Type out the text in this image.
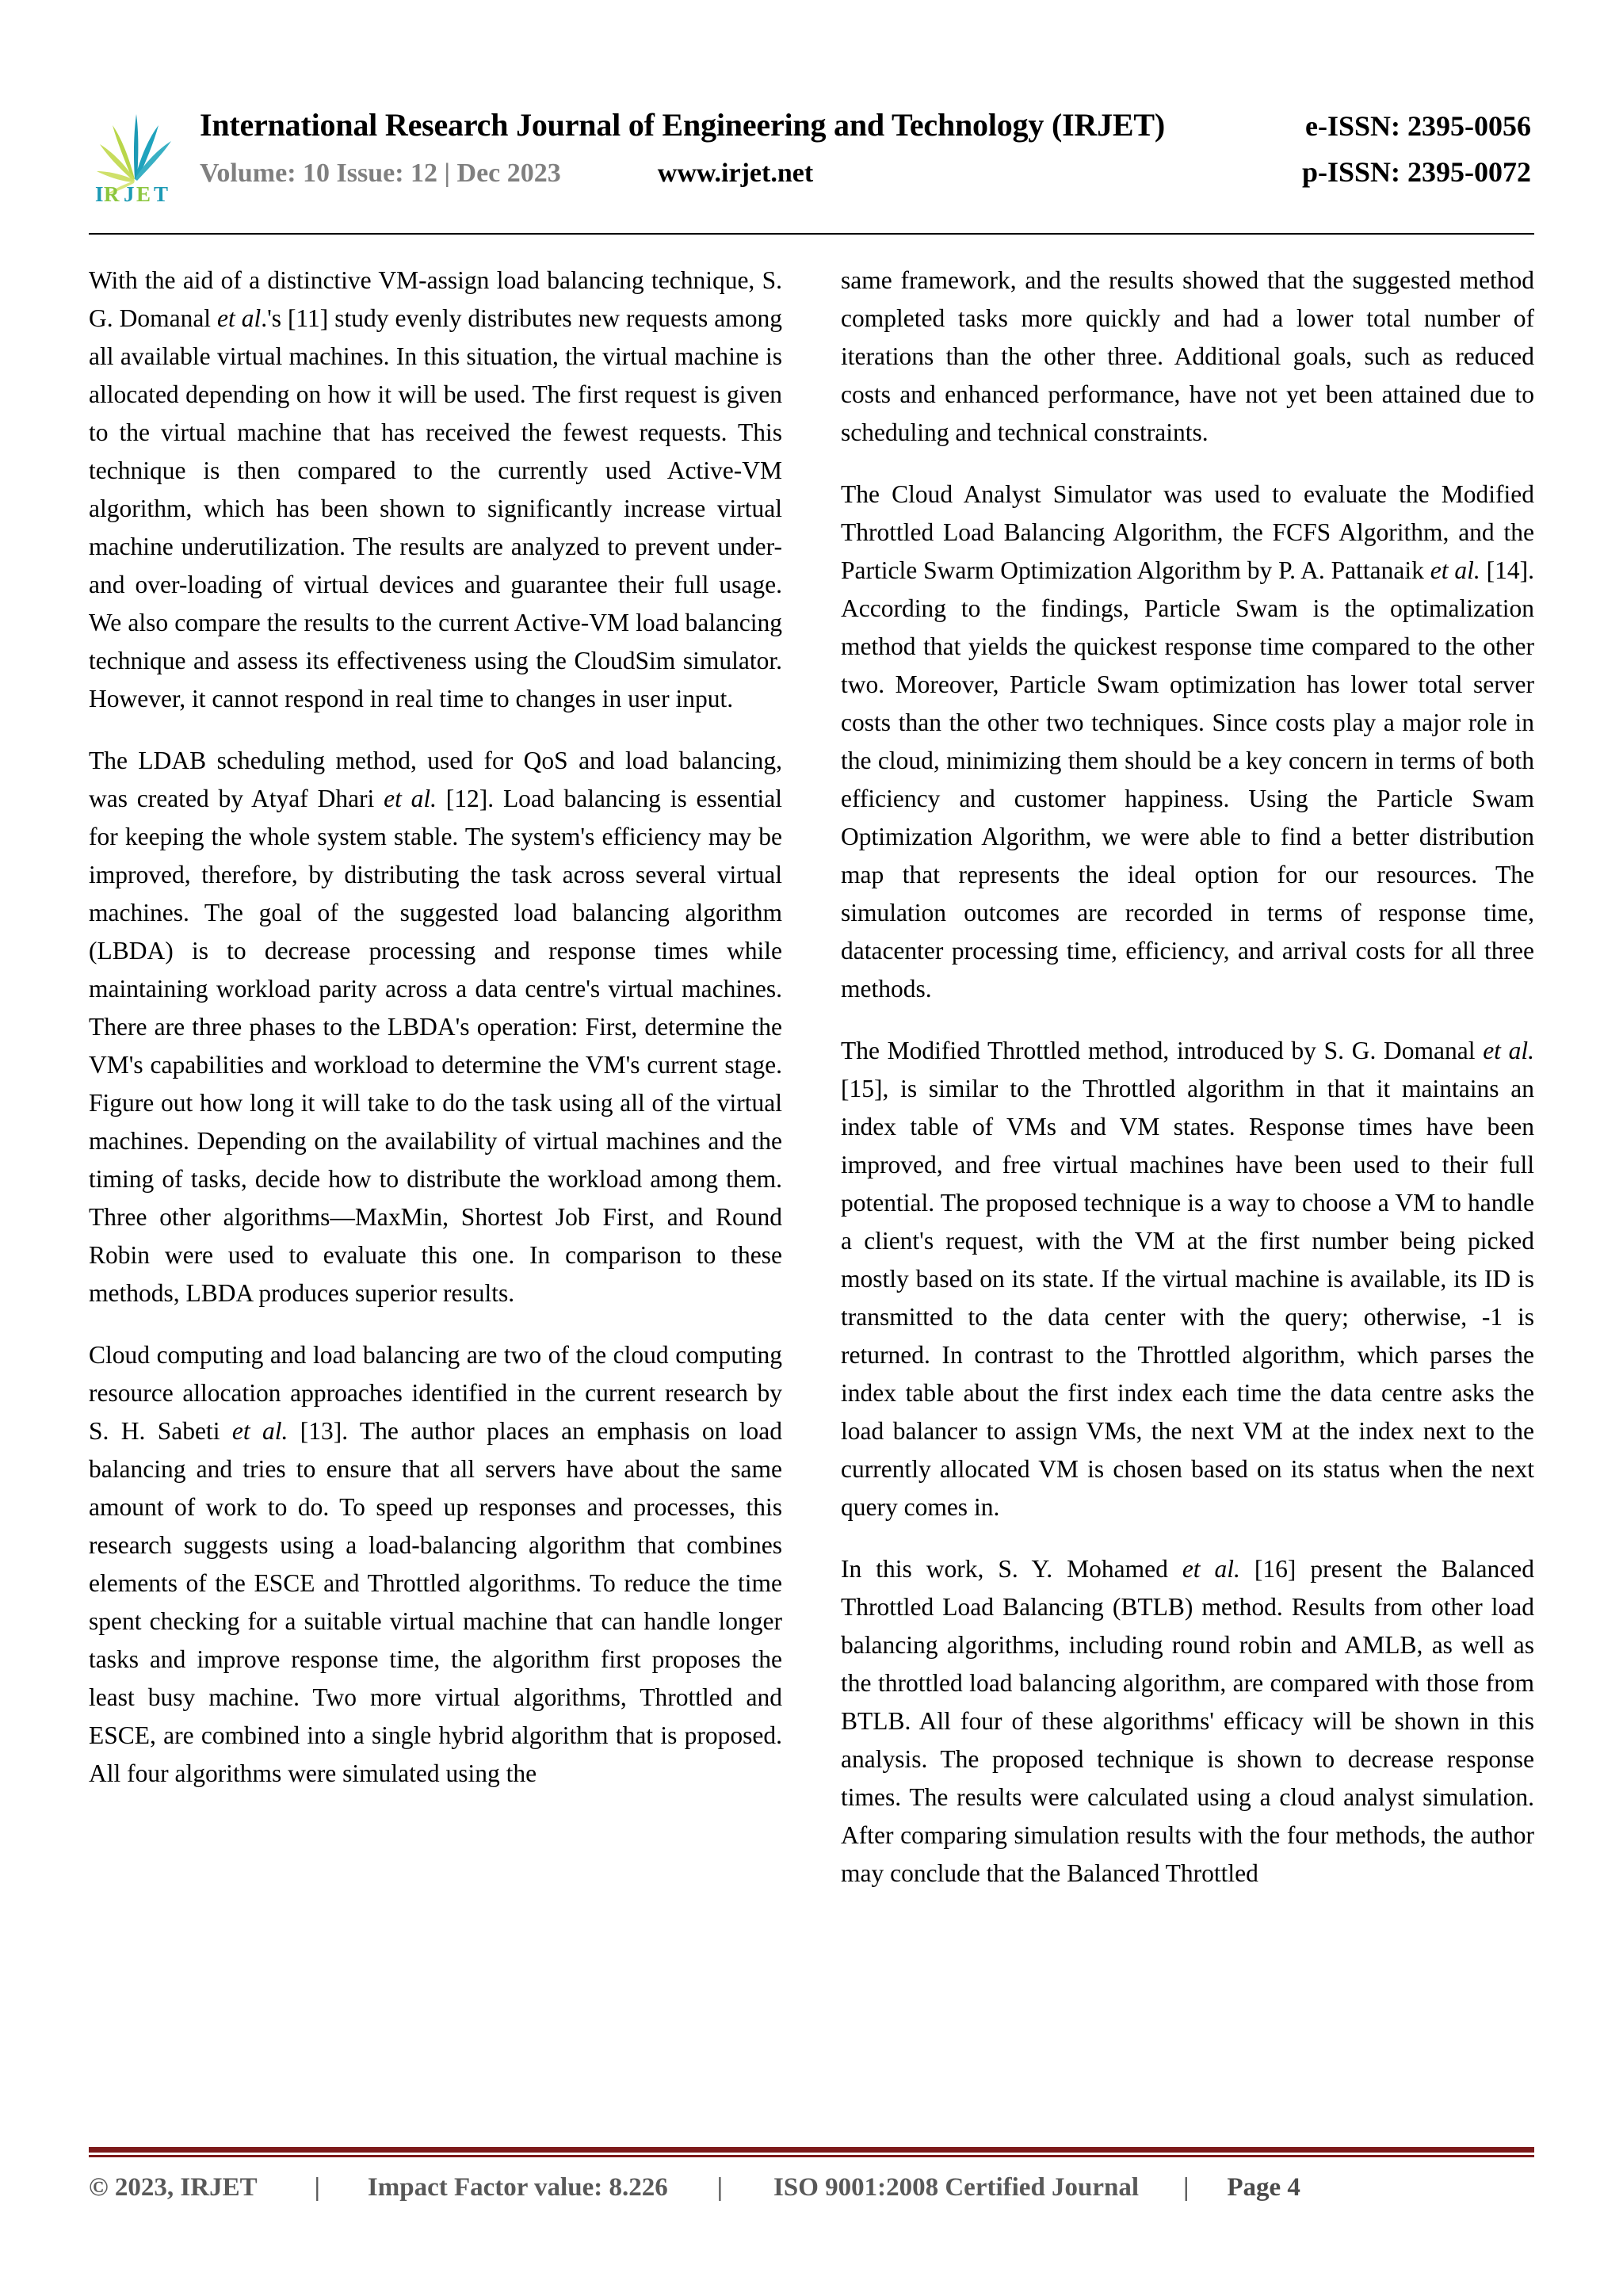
I R J E T
International Research Journal of Engineering and Technology (IRJET)	e-ISSN: 2395-0056
Volume: 10 Issue: 12 | Dec 2023	www.irjet.net	p-ISSN: 2395-0072

With the aid of a distinctive VM-assign load balancing technique, S. G. Domanal et al.'s [11] study evenly distributes new requests among all available virtual machines. In this situation, the virtual machine is allocated depending on how it will be used. The first request is given to the virtual machine that has received the fewest requests. This technique is then compared to the currently used Active-VM algorithm, which has been shown to significantly increase virtual machine underutilization. The results are analyzed to prevent under- and over-loading of virtual devices and guarantee their full usage. We also compare the results to the current Active-VM load balancing technique and assess its effectiveness using the CloudSim simulator. However, it cannot respond in real time to changes in user input.

The LDAB scheduling method, used for QoS and load balancing, was created by Atyaf Dhari et al. [12]. Load balancing is essential for keeping the whole system stable. The system's efficiency may be improved, therefore, by distributing the task across several virtual machines. The goal of the suggested load balancing algorithm (LBDA) is to decrease processing and response times while maintaining workload parity across a data centre's virtual machines. There are three phases to the LBDA's operation: First, determine the VM's capabilities and workload to determine the VM's current stage. Figure out how long it will take to do the task using all of the virtual machines. Depending on the availability of virtual machines and the timing of tasks, decide how to distribute the workload among them. Three other algorithms—MaxMin, Shortest Job First, and Round Robin were used to evaluate this one. In comparison to these methods, LBDA produces superior results.

Cloud computing and load balancing are two of the cloud computing resource allocation approaches identified in the current research by S. H. Sabeti et al. [13]. The author places an emphasis on load balancing and tries to ensure that all servers have about the same amount of work to do. To speed up responses and processes, this research suggests using a load-balancing algorithm that combines elements of the ESCE and Throttled algorithms. To reduce the time spent checking for a suitable virtual machine that can handle longer tasks and improve response time, the algorithm first proposes the least busy machine. Two more virtual algorithms, Throttled and ESCE, are combined into a single hybrid algorithm that is proposed. All four algorithms were simulated using the

same framework, and the results showed that the suggested method completed tasks more quickly and had a lower total number of iterations than the other three. Additional goals, such as reduced costs and enhanced performance, have not yet been attained due to scheduling and technical constraints.

The Cloud Analyst Simulator was used to evaluate the Modified Throttled Load Balancing Algorithm, the FCFS Algorithm, and the Particle Swarm Optimization Algorithm by P. A. Pattanaik et al. [14]. According to the findings, Particle Swam is the optimalization method that yields the quickest response time compared to the other two. Moreover, Particle Swam optimization has lower total server costs than the other two techniques. Since costs play a major role in the cloud, minimizing them should be a key concern in terms of both efficiency and customer happiness. Using the Particle Swam Optimization Algorithm, we were able to find a better distribution map that represents the ideal option for our resources. The simulation outcomes are recorded in terms of response time, datacenter processing time, efficiency, and arrival costs for all three methods.

The Modified Throttled method, introduced by S. G. Domanal et al. [15], is similar to the Throttled algorithm in that it maintains an index table of VMs and VM states. Response times have been improved, and free virtual machines have been used to their full potential. The proposed technique is a way to choose a VM to handle a client's request, with the VM at the first number being picked mostly based on its state. If the virtual machine is available, its ID is transmitted to the data center with the query; otherwise, -1 is returned. In contrast to the Throttled algorithm, which parses the index table about the first index each time the data centre asks the load balancer to assign VMs, the next VM at the index next to the currently allocated VM is chosen based on its status when the next query comes in.

In this work, S. Y. Mohamed et al. [16] present the Balanced Throttled Load Balancing (BTLB) method. Results from other load balancing algorithms, including round robin and AMLB, as well as the throttled load balancing algorithm, are compared with those from BTLB. All four of these algorithms' efficacy will be shown in this analysis. The proposed technique is shown to decrease response times. The results were calculated using a cloud analyst simulation. After comparing simulation results with the four methods, the author may conclude that the Balanced Throttled

© 2023, IRJET | Impact Factor value: 8.226 | ISO 9001:2008 Certified Journal | Page 4
